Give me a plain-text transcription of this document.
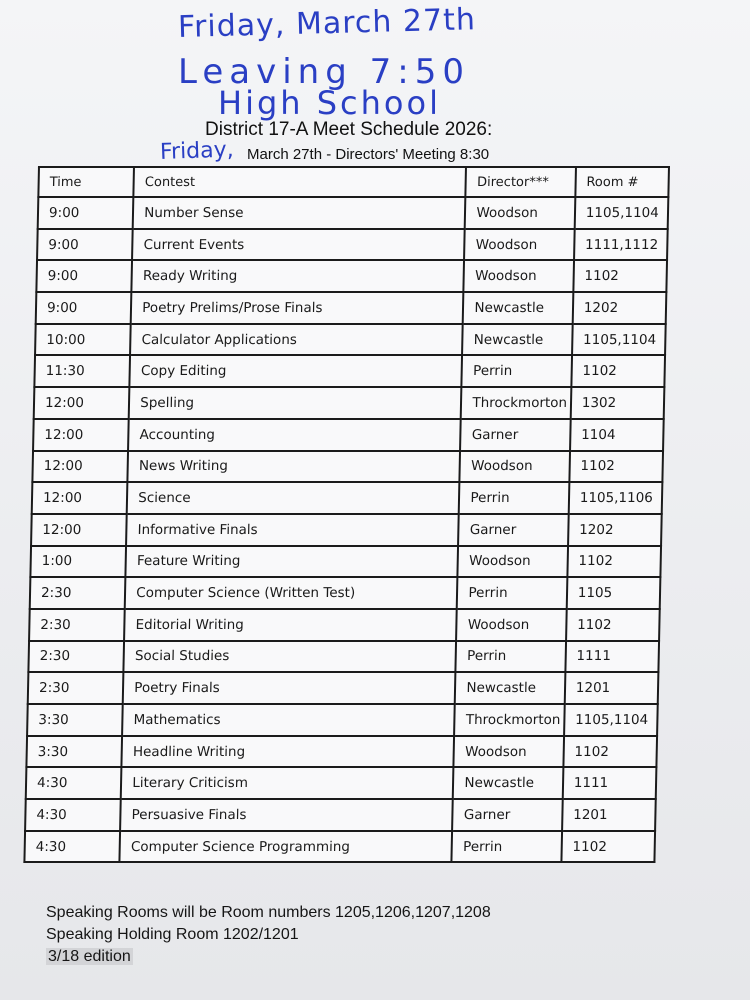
Friday, March 27th
Leaving 7:50
High School
District 17-A Meet Schedule 2026:
Friday, March 27th - Directors' Meeting 8:30
Time	Contest	Director***	Room #
9:00	Number Sense	Woodson	1105,1104
9:00	Current Events	Woodson	1111,1112
9:00	Ready Writing	Woodson	1102
9:00	Poetry Prelims/Prose Finals	Newcastle	1202
10:00	Calculator Applications	Newcastle	1105,1104
11:30	Copy Editing	Perrin	1102
12:00	Spelling	Throckmorton	1302
12:00	Accounting	Garner	1104
12:00	News Writing	Woodson	1102
12:00	Science	Perrin	1105,1106
12:00	Informative Finals	Garner	1202
1:00	Feature Writing	Woodson	1102
2:30	Computer Science (Written Test)	Perrin	1105
2:30	Editorial Writing	Woodson	1102
2:30	Social Studies	Perrin	1111
2:30	Poetry Finals	Newcastle	1201
3:30	Mathematics	Throckmorton	1105,1104
3:30	Headline Writing	Woodson	1102
4:30	Literary Criticism	Newcastle	1111
4:30	Persuasive Finals	Garner	1201
4:30	Computer Science Programming	Perrin	1102
Speaking Rooms will be Room numbers 1205,1206,1207,1208
Speaking Holding Room 1202/1201
3/18 edition
